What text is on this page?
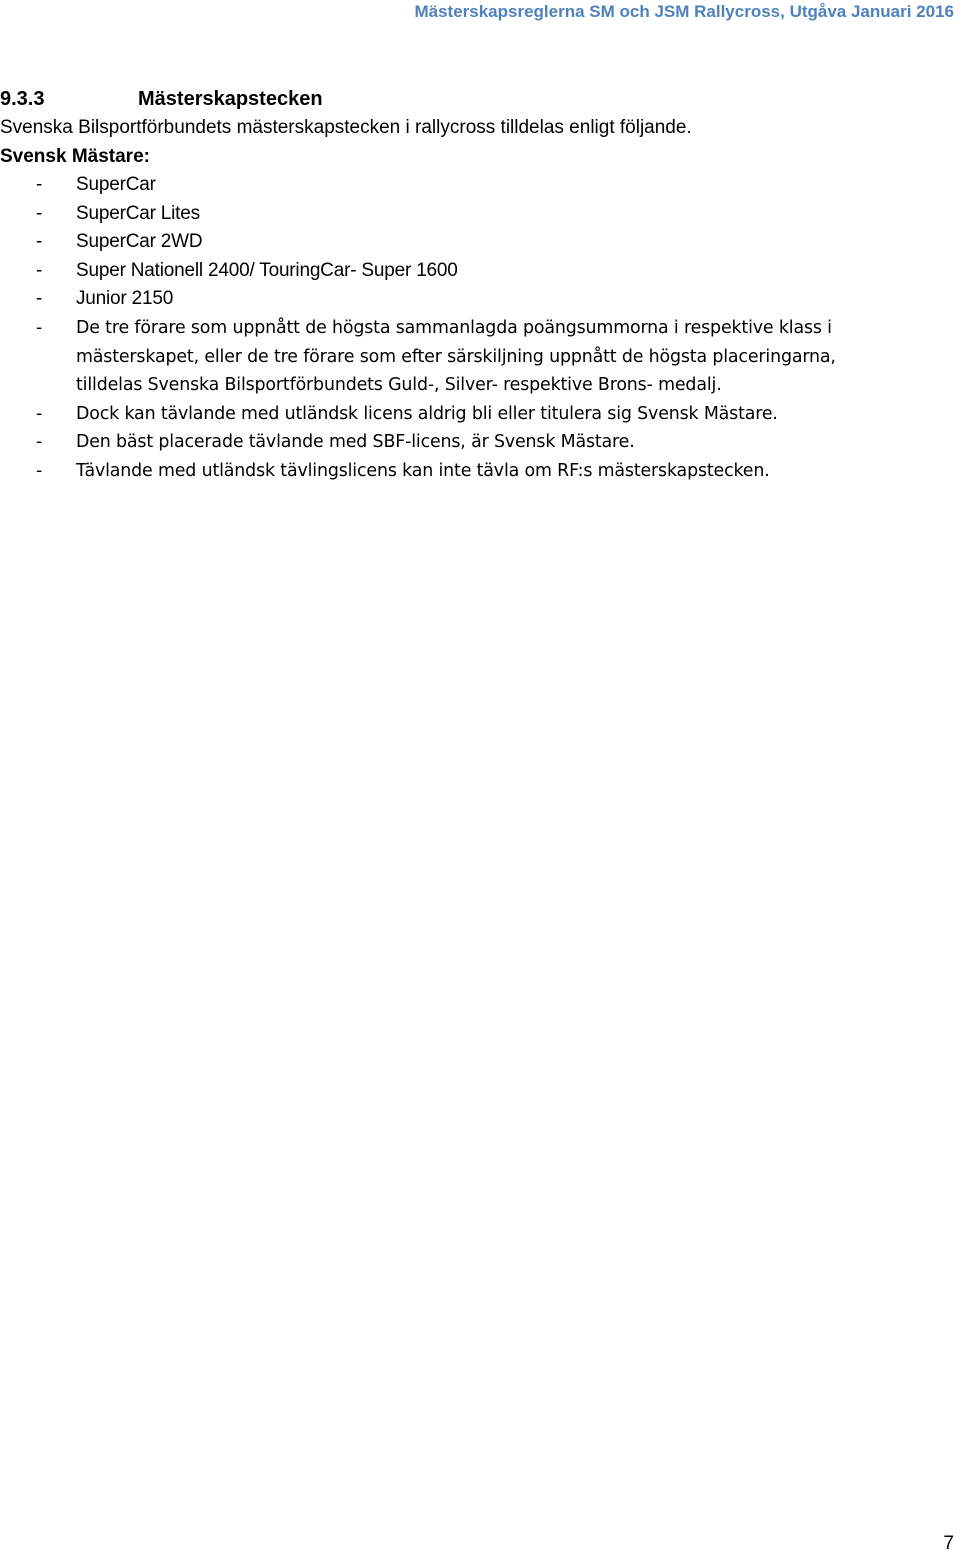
Mästerskapsreglerna SM och JSM Rallycross, Utgåva Januari 2016
9.3.3	Mästerskapstecken
Svenska Bilsportförbundets mästerskapstecken i rallycross tilldelas enligt följande.
Svensk Mästare:
- SuperCar
- SuperCar Lites
- SuperCar 2WD
- Super Nationell 2400/ TouringCar- Super 1600
- Junior 2150
- De tre förare som uppnått de högsta sammanlagda poängsummorna i respektive klass i
mästerskapet, eller de tre förare som efter särskiljning uppnått de högsta placeringarna,
tilldelas Svenska Bilsportförbundets Guld-, Silver- respektive Brons- medalj.
- Dock kan tävlande med utländsk licens aldrig bli eller titulera sig Svensk Mästare.
- Den bäst placerade tävlande med SBF-licens, är Svensk Mästare.
- Tävlande med utländsk tävlingslicens kan inte tävla om RF:s mästerskapstecken.
7
